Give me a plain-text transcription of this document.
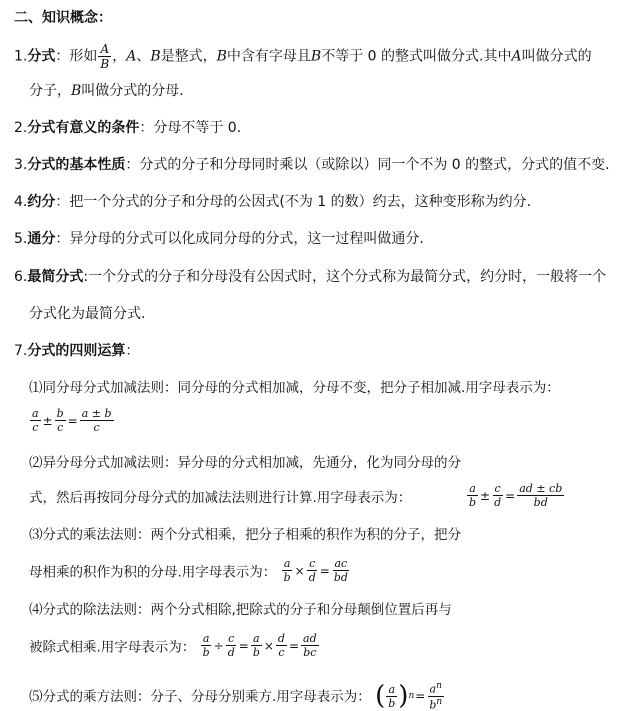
二、知识概念：
1.分式：形如 $\frac{A}{B}$ ，A、B是整式，B中含有字母且B不等于 0 的整式叫做分式.其中A叫做分式的
分子，B叫做分式的分母.
2.分式有意义的条件：分母不等于 0.
3.分式的基本性质：分式的分子和分母同时乘以（或除以）同一个不为 0 的整式，分式的值不变.
4.约分：把一个分式的分子和分母的公因式(不为 1 的数）约去，这种变形称为约分.
5.通分：异分母的分式可以化成同分母的分式，这一过程叫做通分.
6.最简分式:一个分式的分子和分母没有公因式时，这个分式称为最简分式，约分时，一般将一个
分式化为最简分式.
7.分式的四则运算：
⑴同分母分式加减法则：同分母的分式相加减，分母不变，把分子相加减.用字母表示为：
$\frac{a}{c} \pm \frac{b}{c} = \frac{a \pm b}{c}$
⑵异分母分式加减法则：异分母的分式相加减，先通分，化为同分母的分
式，然后再按同分母分式的加减法法则进行计算.用字母表示为：	$\frac{a}{b} \pm \frac{c}{d} = \frac{ad \pm cb}{bd}$
⑶分式的乘法法则：两个分式相乘，把分子相乘的积作为积的分子，把分
母相乘的积作为积的分母.用字母表示为： $\frac{a}{b} \times \frac{c}{d} = \frac{ac}{bd}$
⑷分式的除法法则：两个分式相除,把除式的分子和分母颠倒位置后再与
被除式相乘.用字母表示为： $\frac{a}{b} \div \frac{c}{d} = \frac{a}{b} \times \frac{d}{c} = \frac{ad}{bc}$
⑸分式的乘方法则：分子、分母分别乘方.用字母表示为： ( $\frac{a}{b}$ ) $n = \frac{a^n}{b^n}$
